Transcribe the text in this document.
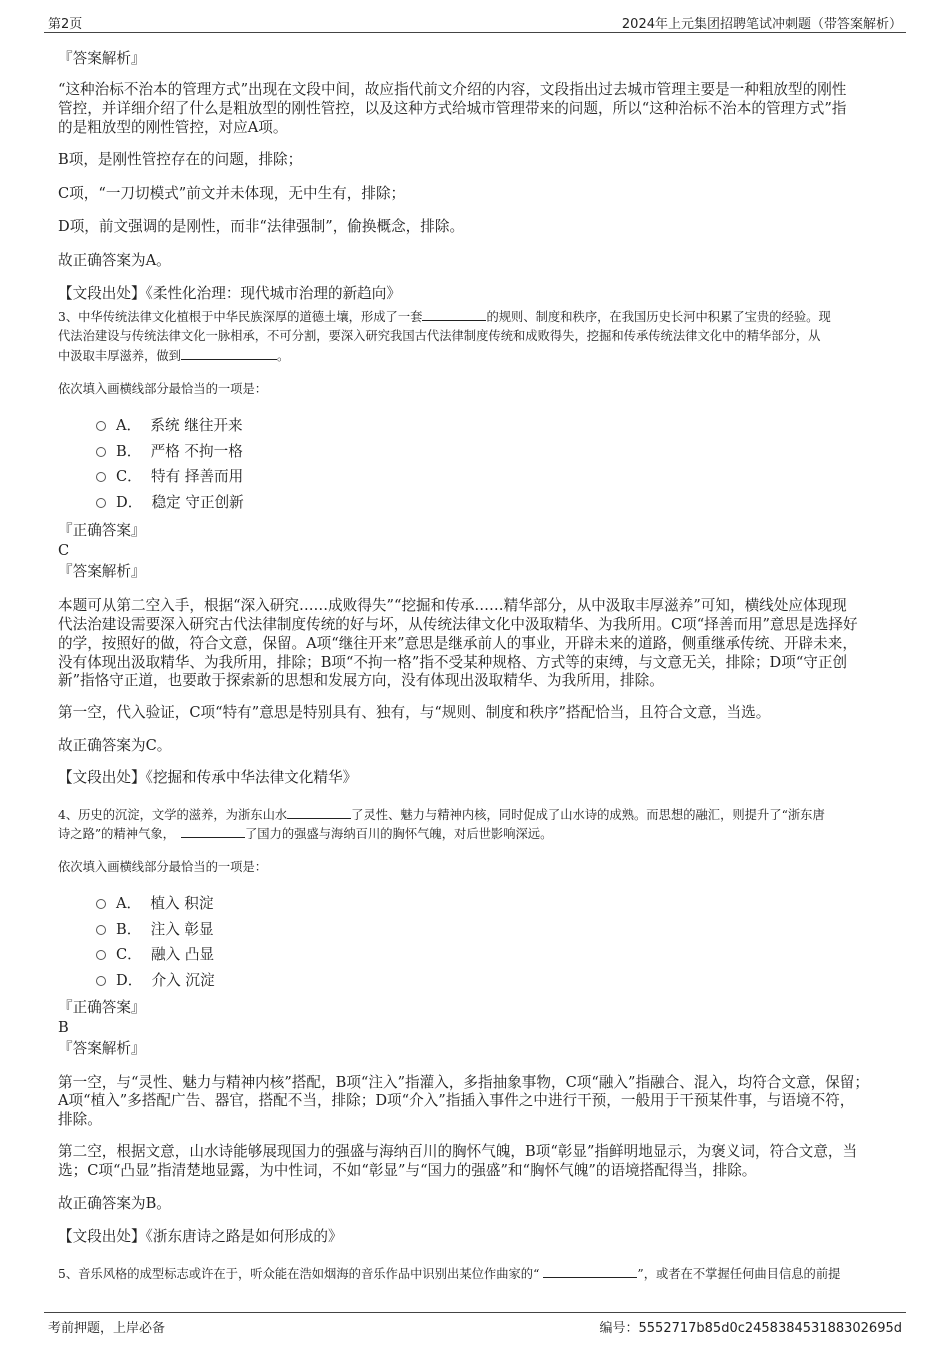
第2页	2024年上元集团招聘笔试冲刺题（带答案解析）
『答案解析』
“这种治标不治本的管理方式”出现在文段中间，故应指代前文介绍的内容，文段指出过去城市管理主要是一种粗放型的刚性
管控，并详细介绍了什么是粗放型的刚性管控，以及这种方式给城市管理带来的问题，所以“这种治标不治本的管理方式”指
的是粗放型的刚性管控，对应A项。
B项，是刚性管控存在的问题，排除；
C项，“一刀切模式”前文并未体现，无中生有，排除；
D项，前文强调的是刚性，而非“法律强制”，偷换概念，排除。
故正确答案为A。
【文段出处】《柔性化治理：现代城市治理的新趋向》
3、中华传统法律文化植根于中华民族深厚的道德土壤，形成了一套	的规则、制度和秩序，在我国历史长河中积累了宝贵的经验。现
代法治建设与传统法律文化一脉相承，不可分割，要深入研究我国古代法律制度传统和成败得失，挖掘和传承传统法律文化中的精华部分，从
中汲取丰厚滋养，做到	。
依次填入画横线部分最恰当的一项是：
A． 系统 继往开来
B． 严格 不拘一格
C． 特有 择善而用
D． 稳定 守正创新
『正确答案』
C
『答案解析』
本题可从第二空入手，根据“深入研究……成败得失”“挖掘和传承……精华部分，从中汲取丰厚滋养”可知，横线处应体现现
代法治建设需要深入研究古代法律制度传统的好与坏，从传统法律文化中汲取精华、为我所用。C项“择善而用”意思是选择好
的学，按照好的做，符合文意，保留。A项“继往开来”意思是继承前人的事业，开辟未来的道路，侧重继承传统、开辟未来，
没有体现出汲取精华、为我所用，排除；B项“不拘一格”指不受某种规格、方式等的束缚，与文意无关，排除；D项“守正创
新”指恪守正道，也要敢于探索新的思想和发展方向，没有体现出汲取精华、为我所用，排除。
第一空，代入验证，C项“特有”意思是特别具有、独有，与“规则、制度和秩序”搭配恰当，且符合文意，当选。
故正确答案为C。
【文段出处】《挖掘和传承中华法律文化精华》
4、历史的沉淀，文学的滋养，为浙东山水	了灵性、魅力与精神内核，同时促成了山水诗的成熟。而思想的融汇，则提升了“浙东唐
诗之路”的精神气象，	了国力的强盛与海纳百川的胸怀气魄，对后世影响深远。
依次填入画横线部分最恰当的一项是：
A． 植入 积淀
B． 注入 彰显
C． 融入 凸显
D． 介入 沉淀
『正确答案』
B
『答案解析』
第一空，与“灵性、魅力与精神内核”搭配，B项“注入”指灌入，多指抽象事物，C项“融入”指融合、混入，均符合文意，保留；
A项“植入”多搭配广告、器官，搭配不当，排除；D项“介入”指插入事件之中进行干预，一般用于干预某件事，与语境不符，
排除。
第二空，根据文意，山水诗能够展现国力的强盛与海纳百川的胸怀气魄，B项“彰显”指鲜明地显示，为褒义词，符合文意，当
选；C项“凸显”指清楚地显露，为中性词，不如“彰显”与“国力的强盛”和“胸怀气魄”的语境搭配得当，排除。
故正确答案为B。
【文段出处】《浙东唐诗之路是如何形成的》
5、音乐风格的成型标志或许在于，听众能在浩如烟海的音乐作品中识别出某位作曲家的“	”，或者在不掌握任何曲目信息的前提
考前押题，上岸必备	编号：5552717b85d0c245838453188302695d
